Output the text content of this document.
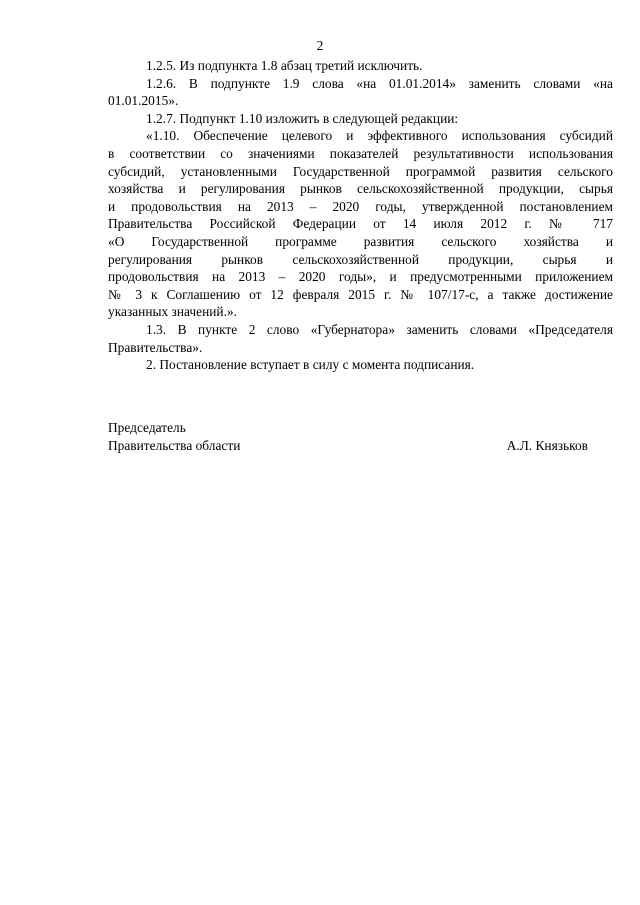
2
1.2.5. Из подпункта 1.8 абзац третий исключить.
1.2.6. В подпункте 1.9 слова «на 01.01.2014» заменить словами «на
01.01.2015».
1.2.7. Подпункт 1.10 изложить в следующей редакции:
«1.10. Обеспечение целевого и эффективного использования субсидий
в соответствии со значениями показателей результативности использования
субсидий, установленными Государственной программой развития сельского
хозяйства и регулирования рынков сельскохозяйственной продукции, сырья
и продовольствия на 2013 – 2020 годы, утвержденной постановлением
Правительства Российской Федерации от 14 июля 2012 г. № 717
«О Государственной программе развития сельского хозяйства и
регулирования рынков сельскохозяйственной продукции, сырья и
продовольствия на 2013 – 2020 годы», и предусмотренными приложением
№ 3 к Соглашению от 12 февраля 2015 г. № 107/17-с, а также достижение
указанных значений.».
1.3. В пункте 2 слово «Губернатора» заменить словами «Председателя
Правительства».
2. Постановление вступает в силу с момента подписания.
Председатель
Правительства области	А.Л. Князьков
